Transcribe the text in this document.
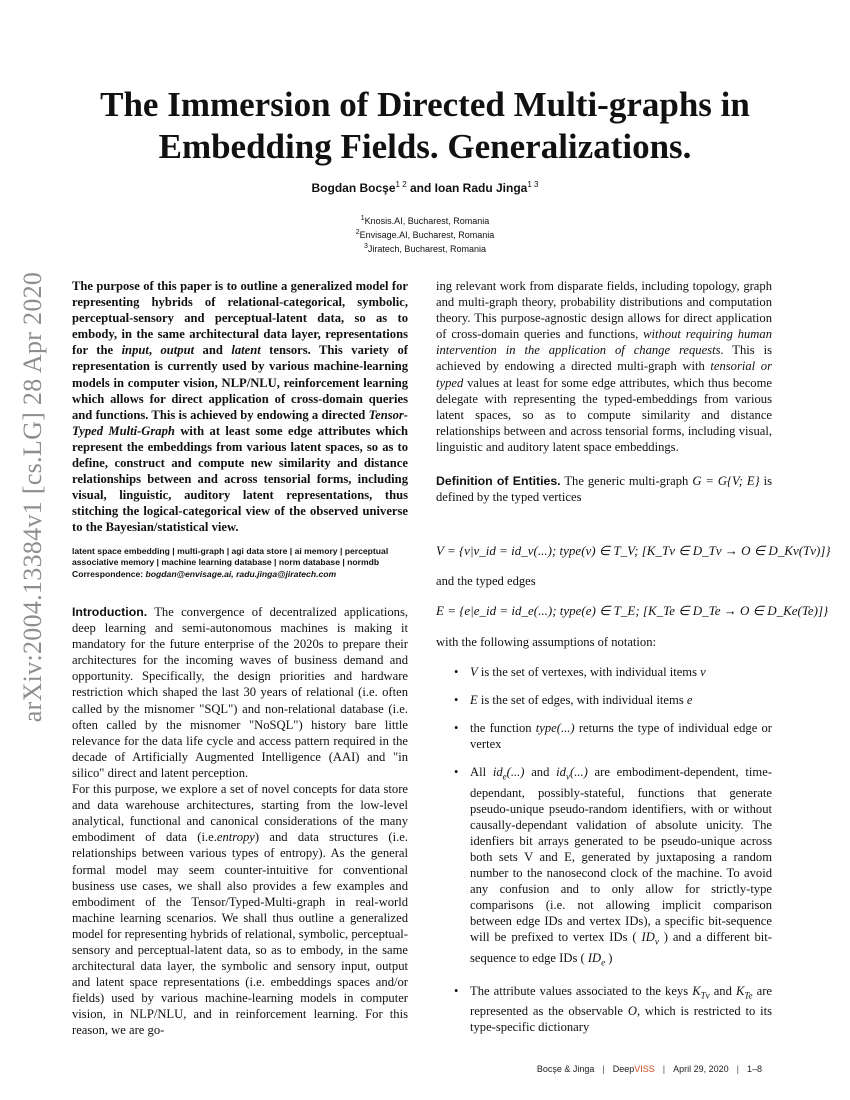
arXiv:2004.13384v1 [cs.LG] 28 Apr 2020
The Immersion of Directed Multi-graphs in Embedding Fields. Generalizations.
Bogdan Bocşe$^{1 2}$ and Ioan Radu Jinga$^{1 3}$
$^1$Knosis.AI, Bucharest, Romania
$^2$Envisage.AI, Bucharest, Romania
$^3$Jiratech, Bucharest, Romania

The purpose of this paper is to outline a generalized model for representing hybrids of relational-categorical, symbolic, perceptual-sensory and perceptual-latent data, so as to embody, in the same architectural data layer, representations for the input, output and latent tensors. This variety of representation is currently used by various machine-learning models in computer vision, NLP/NLU, reinforcement learning which allows for direct application of cross-domain queries and functions. This is achieved by endowing a directed Tensor-Typed Multi-Graph with at least some edge attributes which represent the embeddings from various latent spaces, so as to define, construct and compute new similarity and distance relationships between and across tensorial forms, including visual, linguistic, auditory latent representations, thus stitching the logical-categorical view of the observed universe to the Bayesian/statistical view.

latent space embedding | multi-graph | agi data store | ai memory | perceptual associative memory | machine learning database | norm database | normdb

Correspondence: bogdan@envisage.ai, radu.jinga@jiratech.com

Introduction. The convergence of decentralized applications, deep learning and semi-autonomous machines is making it mandatory for the future enterprise of the 2020s to prepare their architectures for the incoming waves of business demand and opportunity. Specifically, the design priorities and hardware restriction which shaped the last 30 years of relational (i.e. often called by the misnomer "SQL") and non-relational database (i.e. often called by the misnomer "NoSQL") history bare little relevance for the data life cycle and access pattern required in the decade of Artificially Augmented Intelligence (AAI) and "in silico" direct and latent perception.

For this purpose, we explore a set of novel concepts for data store and data warehouse architectures, starting from the low-level analytical, functional and canonical considerations of the many embodiment of data (i.e.entropy) and data structures (i.e. relationships between various types of entropy). As the general formal model may seem counter-intuitive for conventional business use cases, we shall also provides a few examples and embodiment of the Tensor/Typed-Multi-graph in real-world machine learning scenarios. We shall thus outline a generalized model for representing hybrids of relational, symbolic, perceptual-sensory and perceptual-latent data, so as to embody, in the same architectural data layer, the symbolic and sensory input, output and latent space representations (i.e. embeddings spaces and/or fields) used by various machine-learning models in computer vision, in NLP/NLU, and in reinforcement learning. For this reason, we are go-

ing relevant work from disparate fields, including topology, graph and multi-graph theory, probability distributions and computation theory. This purpose-agnostic design allows for direct application of cross-domain queries and functions, without requiring human intervention in the application of change requests. This is achieved by endowing a directed multi-graph with tensorial or typed values at least for some edge attributes, which thus become delegate with representing the typed-embeddings from various latent spaces, so as to compute similarity and distance relationships between and across tensorial forms, including visual, linguistic and auditory latent space embeddings.

Definition of Entities. The generic multi-graph G = G{V; E} is defined by the typed vertices

V = {v|v_id = id_v(...); type(v) ∈ T_V; [K_Tv ∈ D_Tv → O ∈ D_Kv(Tv)]}

and the typed edges

E = {e|e_id = id_e(...); type(e) ∈ T_E; [K_Te ∈ D_Te → O ∈ D_Ke(Te)]}

with the following assumptions of notation:

• V is the set of vertexes, with individual items v
• E is the set of edges, with individual items e
• the function type(...) returns the type of individual edge or vertex
• All $id_e(...)$ and $id_v(...)$ are embodiment-dependent, time-dependant, possibly-stateful, functions that generate pseudo-unique pseudo-random identifiers, with or without causally-dependant validation of absolute unicity. The idenfiers bit arrays generated to be pseudo-unique across both sets V and E, generated by juxtaposing a random number to the nanosecond clock of the machine. To avoid any confusion and to only allow for strictly-type comparisons (i.e. not allowing implicit comparison between edge IDs and vertex IDs), a specific bit-sequence will be prefixed to vertex IDs ( $ID_v$ ) and a different bit-sequence to edge IDs ( $ID_e$ )
• The attribute values associated to the keys $K_{Tv}$ and $K_{Te}$ are represented as the observable O, which is restricted to its type-specific dictionary
Bocşe & Jinga | DeepVISS | April 29, 2020 | 1–8
